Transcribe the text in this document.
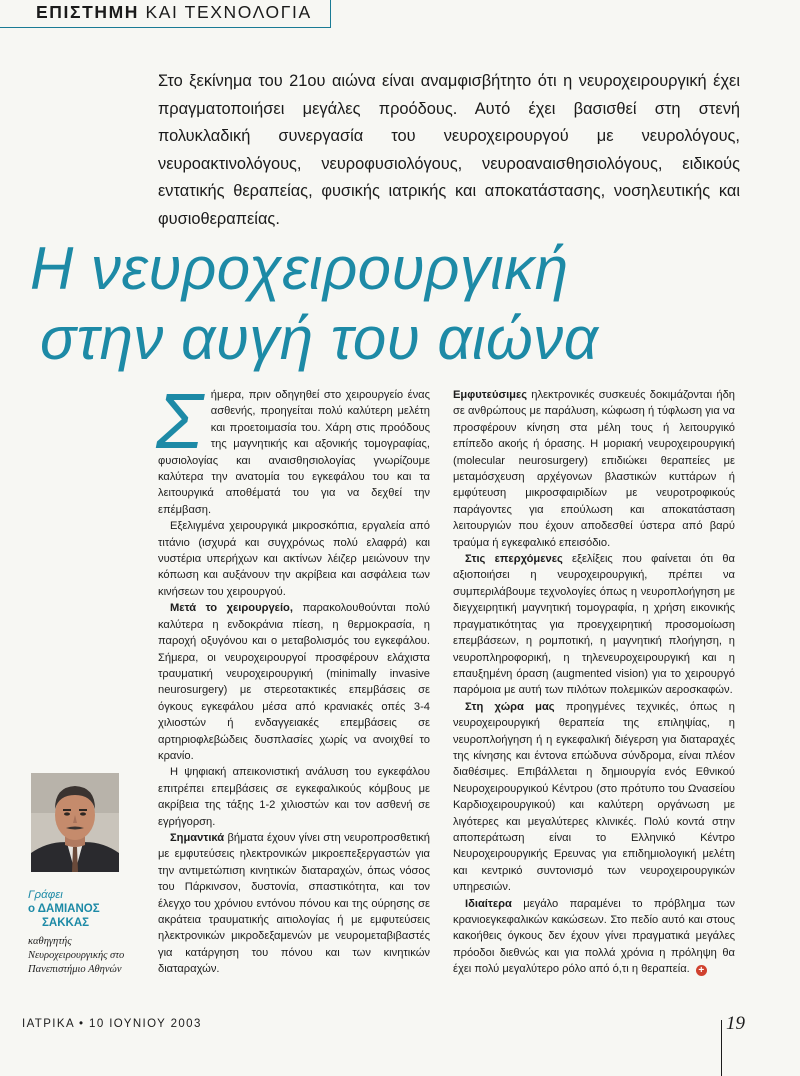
ΕΠΙΣΤΗΜΗ ΚΑΙ ΤΕΧΝΟΛΟΓΙΑ
Στο ξεκίνημα του 21ου αιώνα είναι αναμφισβήτητο ότι η νευροχειρουργική έχει πραγματοποιήσει μεγάλες προόδους. Αυτό έχει βασισθεί στη στενή πολυκλαδική συνεργασία του νευροχειρουργού με νευρολόγους, νευροακτινολόγους, νευροφυσιολόγους, νευροαναισθησιολόγους, ειδικούς εντατικής θεραπείας, φυσικής ιατρικής και αποκατάστασης, νοσηλευτικής και φυσιοθεραπείας.
Η νευροχειρουργική
στην αυγή του αιώνα

Σήμερα, πριν οδηγηθεί στο χειρουργείο ένας ασθενής, προηγείται πολύ καλύτερη μελέτη και προετοιμασία του. Χάρη στις προόδους της μαγνητικής και αξονικής τομογραφίας, φυσιολογίας και αναισθησιολογίας γνωρίζουμε καλύτερα την ανατομία του εγκεφάλου του και τα λειτουργικά αποθέματά του για να δεχθεί την επέμβαση.

Εξελιγμένα χειρουργικά μικροσκόπια, εργαλεία από τιτάνιο (ισχυρά και συγχρόνως πολύ ελαφρά) και νυστέρια υπερήχων και ακτίνων λέιζερ μειώνουν την κόπωση και αυξάνουν την ακρίβεια και ασφάλεια των κινήσεων του χειρουργού.

Μετά το χειρουργείο, παρακολουθούνται πολύ καλύτερα η ενδοκράνια πίεση, η θερμοκρασία, η παροχή οξυγόνου και ο μεταβολισμός του εγκεφάλου. Σήμερα, οι νευροχειρουργοί προσφέρουν ελάχιστα τραυματική νευροχειρουργική (minimally invasive neurosurgery) με στερεοτακτικές επεμβάσεις σε όγκους εγκεφάλου μέσα από κρανιακές οπές 3-4 χιλιοστών ή ενδαγγειακές επεμβάσεις σε αρτηριοφλεβώδεις δυσπλασίες χωρίς να ανοιχθεί το κρανίο.

Η ψηφιακή απεικονιστική ανάλυση του εγκεφάλου επιτρέπει επεμβάσεις σε εγκεφαλικούς κόμβους με ακρίβεια της τάξης 1-2 χιλιοστών και τον ασθενή σε εγρήγορση.

Σημαντικά βήματα έχουν γίνει στη νευροπροσθετική με εμφυτεύσεις ηλεκτρονικών μικροεπεξεργαστών για την αντιμετώπιση κινητικών διαταραχών, όπως νόσος του Πάρκινσον, δυστονία, σπαστικότητα, και τον έλεγχο του χρόνιου εντόνου πόνου και της ούρησης σε ακράτεια τραυματικής αιτιολογίας ή με εμφυτεύσεις ηλεκτρονικών μικροδεξαμενών με νευρομεταβιβαστές για κατάργηση του πόνου και των κινητικών διαταραχών.

Εμφυτεύσιμες ηλεκτρονικές συσκευές δοκιμάζονται ήδη σε ανθρώπους με παράλυση, κώφωση ή τύφλωση για να προσφέρουν κίνηση στα μέλη τους ή λειτουργικό επίπεδο ακοής ή όρασης. Η μοριακή νευροχειρουργική (molecular neurosurgery) επιδιώκει θεραπείες με μεταμόσχευση αρχέγονων βλαστικών κυττάρων ή εμφύτευση μικροσφαιριδίων με νευροτροφικούς παράγοντες για επούλωση και αποκατάσταση λειτουργιών που έχουν αποδεσθεί ύστερα από βαρύ τραύμα ή εγκεφαλικό επεισόδιο.

Στις επερχόμενες εξελίξεις που φαίνεται ότι θα αξιοποιήσει η νευροχειρουργική, πρέπει να συμπεριλάβουμε τεχνολογίες όπως η νευροπλοήγηση με διεγχειρητική μαγνητική τομογραφία, η χρήση εικονικής πραγματικότητας για προεγχειρητική προσομοίωση επεμβάσεων, η ρομποτική, η μαγνητική πλοήγηση, η νευροπληροφορική, η τηλενευροχειρουργική και η επαυξημένη όραση (augmented vision) για το χειρουργό παρόμοια με αυτή των πιλότων πολεμικών αεροσκαφών.

Στη χώρα μας προηγμένες τεχνικές, όπως η νευροχειρουργική θεραπεία της επιληψίας, η νευροπλοήγηση ή η εγκεφαλική διέγερση για διαταραχές της κίνησης και έντονα επώδυνα σύνδρομα, είναι πλέον διαθέσιμες. Επιβάλλεται η δημιουργία ενός Εθνικού Νευροχειρουργικού Κέντρου (στο πρότυπο του Ωνασείου Καρδιοχειρουργικού) και καλύτερη οργάνωση με λιγότερες και μεγαλύτερες κλινικές. Πολύ κοντά στην αποπεράτωση είναι το Ελληνικό Κέντρο Νευροχειρουργικής Ερευνας για επιδημιολογική μελέτη και κεντρικό συντονισμό των νευροχειρουργικών υπηρεσιών.

Ιδιαίτερα μεγάλο παραμένει το πρόβλημα των κρανιοεγκεφαλικών κακώσεων. Στο πεδίο αυτό και στους κακοήθεις όγκους δεν έχουν γίνει πραγματικά μεγάλες πρόοδοι διεθνώς και για πολλά χρόνια η πρόληψη θα έχει πολύ μεγαλύτερο ρόλο από ό,τι η θεραπεία. +

Γράφει
ο ΔΑΜΙΑΝΟΣ
ΣΑΚΚΑΣ
καθηγητής Νευροχειρουργικής στο Πανεπιστήμιο Αθηνών
ΙΑΤΡΙΚΑ • 10 ΙΟΥΝΙΟΥ 2003	19
